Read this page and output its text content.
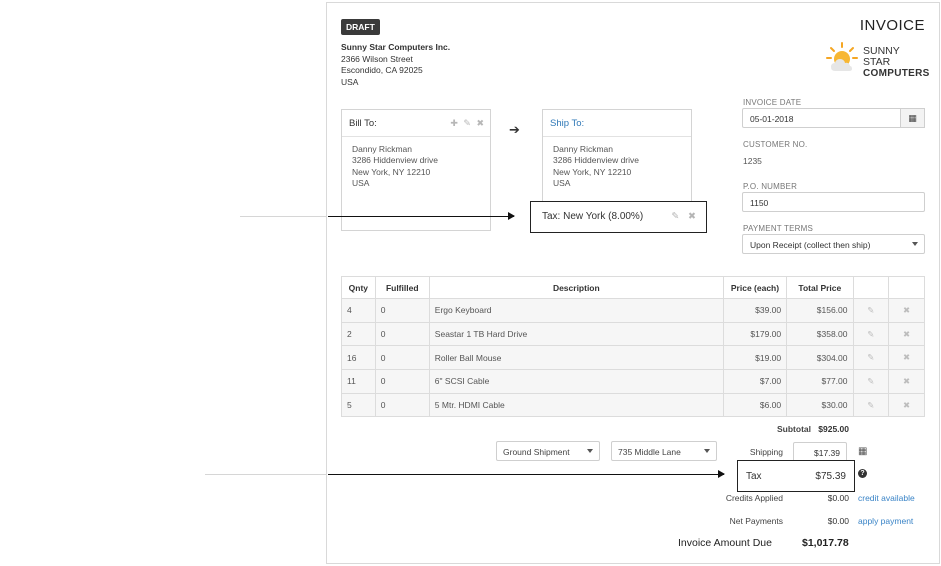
DRAFT	INVOICE
Sunny Star Computers Inc.
2366 Wilson Street
Escondido, CA 92025
USA
SUNNY STAR
COMPUTERS
Bill To:	✚ ✎ ✖
Danny Rickman
3286 Hiddenview drive
New York, NY 12210
USA
➔	Ship To:
Danny Rickman
3286 Hiddenview drive
New York, NY 12210
USA
Tax: New York (8.00%)	✎ ✖
INVOICE DATE
05-01-2018	▦
CUSTOMER NO.
1235
P.O. NUMBER
1150
PAYMENT TERMS
Upon Receipt (collect then ship)
Qnty	Fulfilled	Description	Price (each)	Total Price		
4	0	Ergo Keyboard	$39.00	$156.00	✎	✖
2	0	Seastar 1 TB Hard Drive	$179.00	$358.00	✎	✖
16	0	Roller Ball Mouse	$19.00	$304.00	✎	✖
11	0	6" SCSI Cable	$7.00	$77.00	✎	✖
5	0	5 Mtr. HDMI Cable	$6.00	$30.00	✎	✖
Subtotal $925.00
Ground Shipment	735 Middle Lane	Shipping	$17.39	▦
Tax	$75.39	?
Credits Applied	$0.00 credit available
Net Payments	$0.00 apply payment
Invoice Amount Due	$1,017.78
